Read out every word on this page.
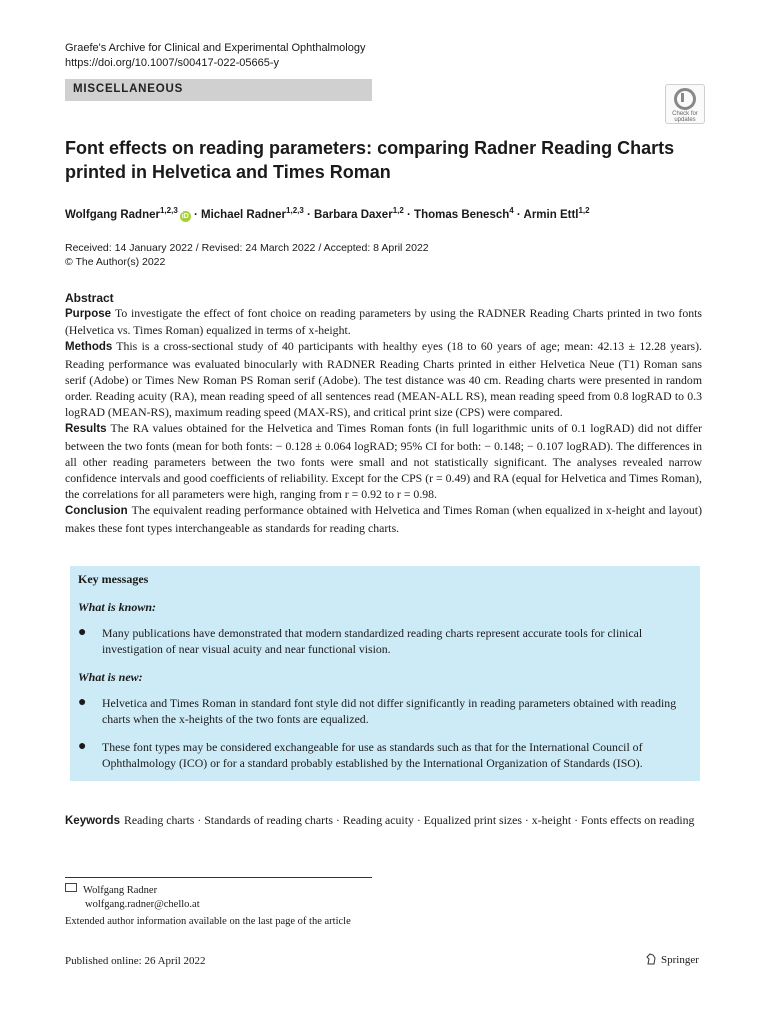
Graefe's Archive for Clinical and Experimental Ophthalmology
https://doi.org/10.1007/s00417-022-05665-y
MISCELLANEOUS
Check for updates
Font effects on reading parameters: comparing Radner Reading Charts printed in Helvetica and Times Roman
Wolfgang Radner$^{1,2,3}$iD · Michael Radner$^{1,2,3}$ · Barbara Daxer$^{1,2}$ · Thomas Benesch$^4$ · Armin Ettl$^{1,2}$
Received: 14 January 2022 / Revised: 24 March 2022 / Accepted: 8 April 2022
© The Author(s) 2022
Abstract

Purpose To investigate the effect of font choice on reading parameters by using the RADNER Reading Charts printed in two fonts (Helvetica vs. Times Roman) equalized in terms of x-height.

Methods This is a cross-sectional study of 40 participants with healthy eyes (18 to 60 years of age; mean: 42.13 ± 12.28 years). Reading performance was evaluated binocularly with RADNER Reading Charts printed in either Helvetica Neue (T1) Roman sans serif (Adobe) or Times New Roman PS Roman serif (Adobe). The test distance was 40 cm. Reading charts were presented in random order. Reading acuity (RA), mean reading speed of all sentences read (MEAN-ALL RS), mean reading speed from 0.8 logRAD to 0.3 logRAD (MEAN-RS), maximum reading speed (MAX-RS), and critical print size (CPS) were compared.

Results The RA values obtained for the Helvetica and Times Roman fonts (in full logarithmic units of 0.1 logRAD) did not differ between the two fonts (mean for both fonts: − 0.128 ± 0.064 logRAD; 95% CI for both: − 0.148; − 0.107 logRAD). The differences in all other reading parameters between the two fonts were small and not statistically significant. The analyses revealed narrow confidence intervals and good coefficients of reliability. Except for the CPS (r = 0.49) and RA (equal for Helvetica and Times Roman), the correlations for all parameters were high, ranging from r = 0.92 to r = 0.98.

Conclusion The equivalent reading performance obtained with Helvetica and Times Roman (when equalized in x-height and layout) makes these font types interchangeable as standards for reading charts.

Key messages
What is known:
● Many publications have demonstrated that modern standardized reading charts represent accurate tools for clinical investigation of near visual acuity and near functional vision.
What is new:
● Helvetica and Times Roman in standard font style did not differ significantly in reading parameters obtained with reading charts when the x-heights of the two fonts are equalized.
● These font types may be considered exchangeable for use as standards such as that for the International Council of Ophthalmology (ICO) or for a standard probably established by the International Organization of Standards (ISO).
Keywords Reading charts · Standards of reading charts · Reading acuity · Equalized print sizes · x-height · Fonts effects on reading
Wolfgang Radner
wolfgang.radner@chello.at
Extended author information available on the last page of the article
Published online: 26 April 2022	Springer
